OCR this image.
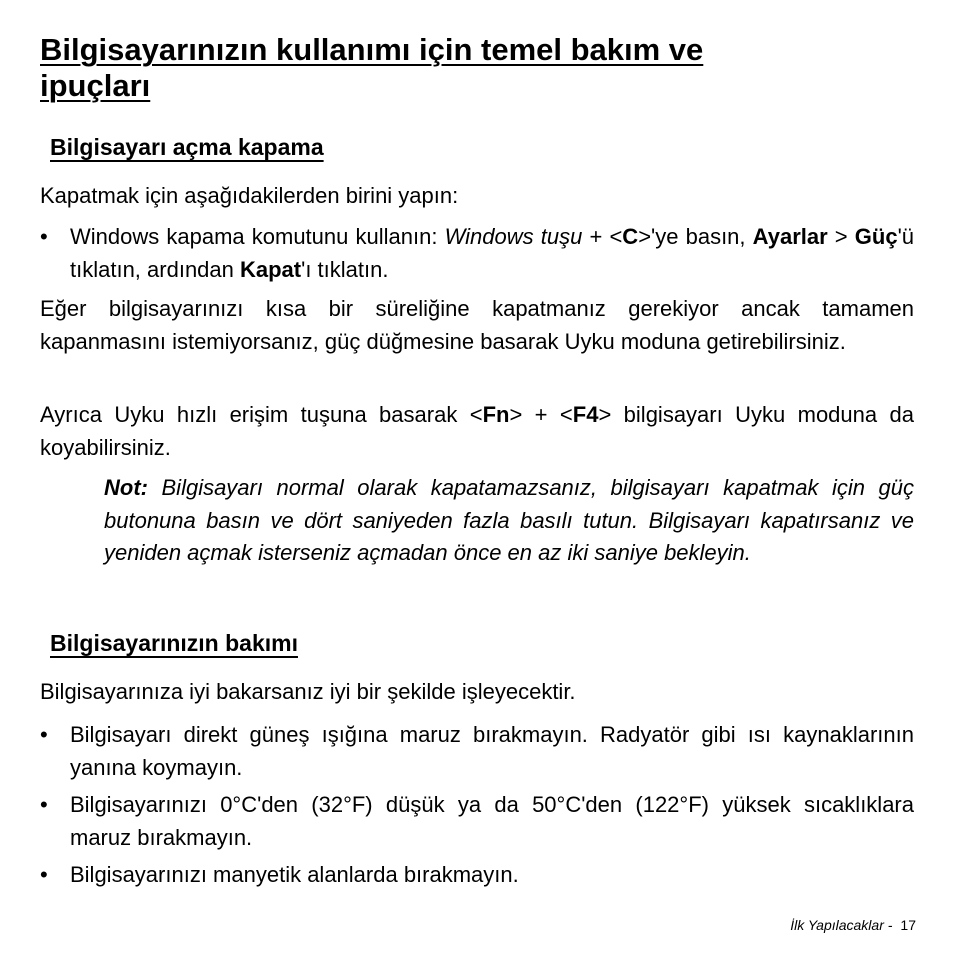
Bilgisayarınızın kullanımı için temel bakım ve
ipuçları
Bilgisayarı açma kapama
Kapatmak için aşağıdakilerden birini yapın:
• Windows kapama komutunu kullanın: Windows tuşu + <C>'ye basın, Ayarlar > Güç'ü tıklatın, ardından Kapat'ı tıklatın.
Eğer bilgisayarınızı kısa bir süreliğine kapatmanız gerekiyor ancak tamamen kapanmasını istemiyorsanız, güç düğmesine basarak Uyku moduna getirebilirsiniz.
Ayrıca Uyku hızlı erişim tuşuna basarak <Fn> + <F4> bilgisayarı Uyku moduna da koyabilirsiniz.
Not: Bilgisayarı normal olarak kapatamazsanız, bilgisayarı kapatmak için güç butonuna basın ve dört saniyeden fazla basılı tutun. Bilgisayarı kapatırsanız ve yeniden açmak isterseniz açmadan önce en az iki saniye bekleyin.
Bilgisayarınızın bakımı
Bilgisayarınıza iyi bakarsanız iyi bir şekilde işleyecektir.
• Bilgisayarı direkt güneş ışığına maruz bırakmayın. Radyatör gibi ısı kaynaklarının yanına koymayın.
• Bilgisayarınızı 0°C'den (32°F) düşük ya da 50°C'den (122°F) yüksek sıcaklıklara maruz bırakmayın.
• Bilgisayarınızı manyetik alanlarda bırakmayın.
İlk Yapılacaklar - 17
